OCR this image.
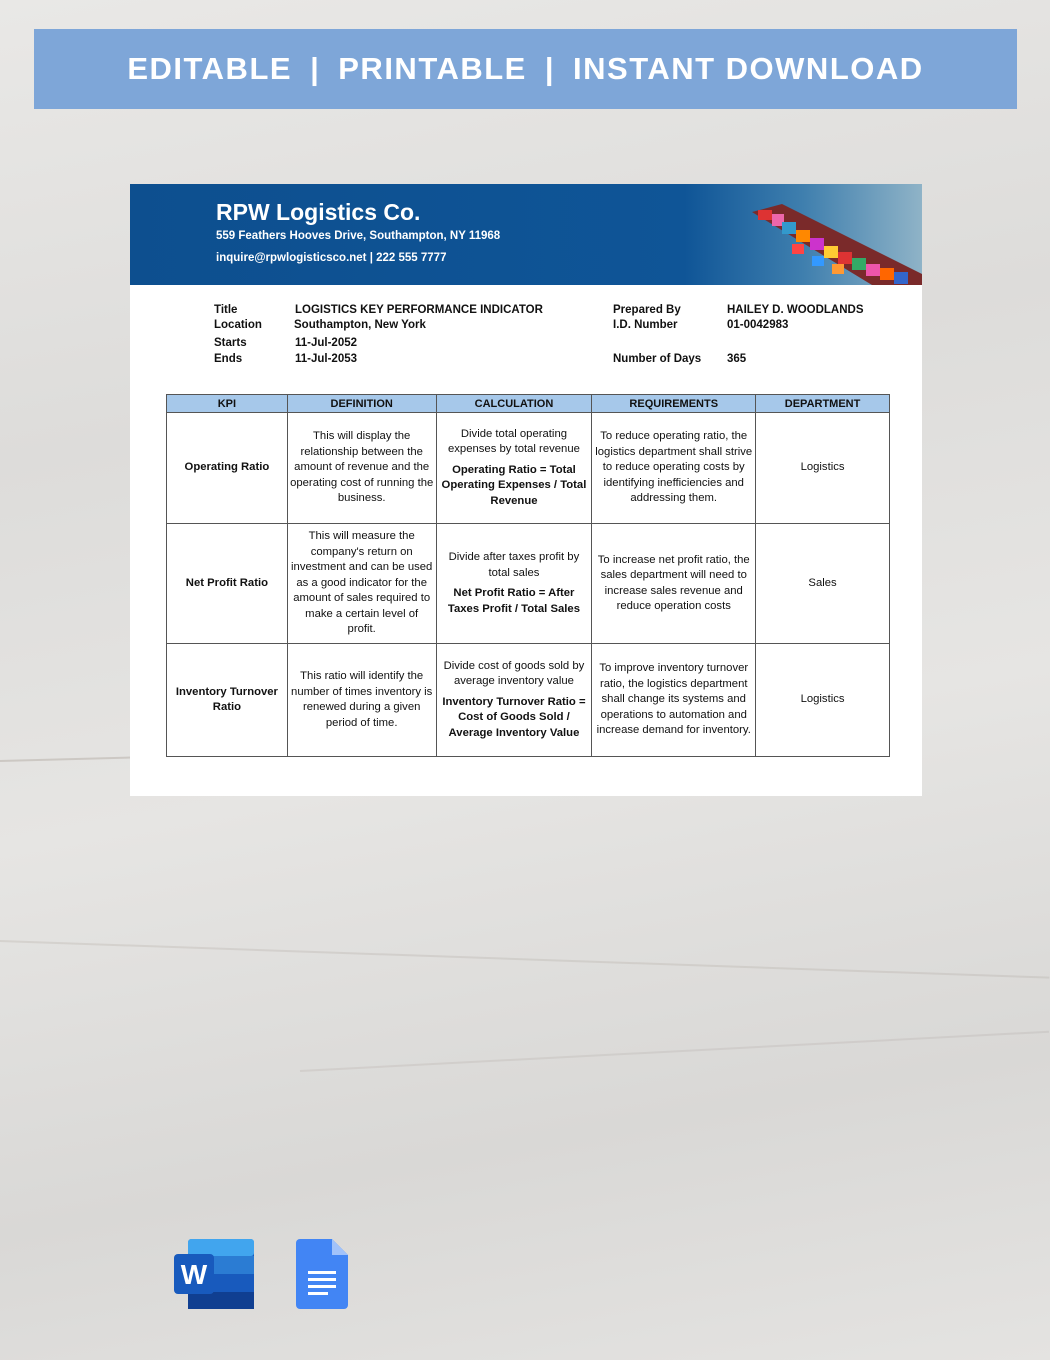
EDITABLE | PRINTABLE | INSTANT DOWNLOAD
RPW Logistics Co.
559 Feathers Hooves Drive, Southampton, NY 11968
inquire@rpwlogisticsco.net | 222 555 7777
Title	LOGISTICS KEY PERFORMANCE INDICATOR
Location	Southampton, New York
Starts	11-Jul-2052
Ends	11-Jul-2053
Prepared By	HAILEY D. WOODLANDS
I.D. Number	01-0042983
Number of Days 365
KPI	DEFINITION	CALCULATION	REQUIREMENTS	DEPARTMENT
Operating Ratio	This will display the relationship between the amount of revenue and the operating cost of running the business.	Divide total operating expenses by total revenue

Operating Ratio = Total Operating Expenses / Total Revenue	To reduce operating ratio, the logistics department shall strive to reduce operating costs by identifying inefficiencies and addressing them.	Logistics
Net Profit Ratio	This will measure the company's return on investment and can be used as a good indicator for the amount of sales required to make a certain level of profit.	Divide after taxes profit by total sales

Net Profit Ratio = After Taxes Profit / Total Sales	To increase net profit ratio, the sales department will need to increase sales revenue and reduce operation costs	Sales
Inventory Turnover Ratio	This ratio will identify the number of times inventory is renewed during a given period of time.	Divide cost of goods sold by average inventory value

Inventory Turnover Ratio = Cost of Goods Sold / Average Inventory Value	To improve inventory turnover ratio, the logistics department shall change its systems and operations to automation and increase demand for inventory.	Logistics
W
